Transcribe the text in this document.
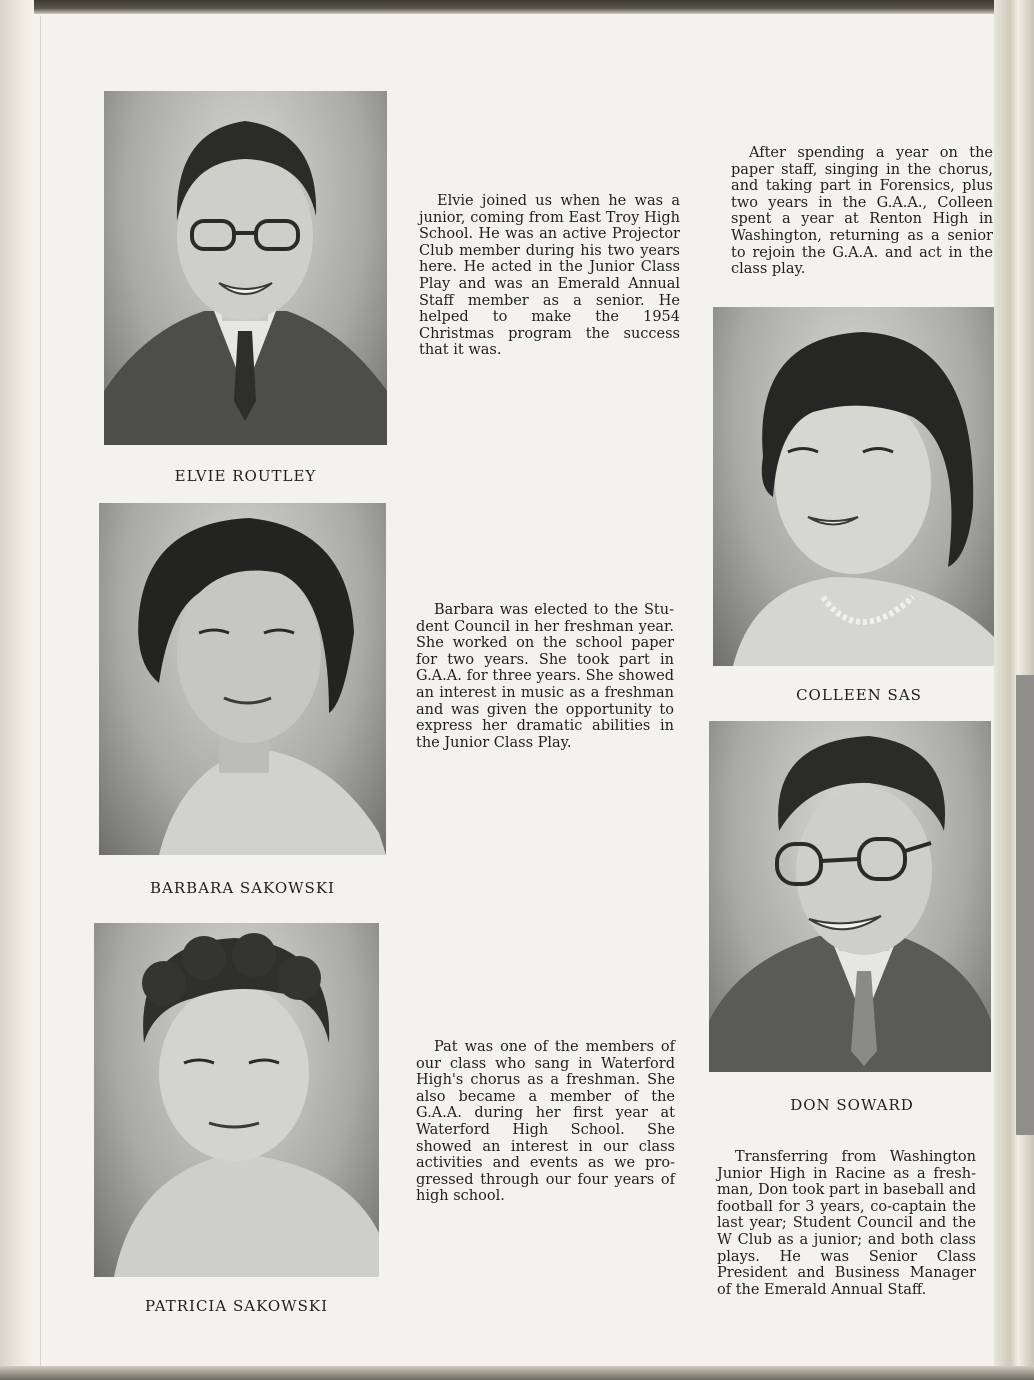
ELVIE ROUTLEY

Elvie joined us when he was a junior, coming from East Troy High School. He was an active Projector Club member during his two years here. He acted in the Junior Class Play and was an Emerald Annual Staff member as a senior. He helped to make the 1954 Christmas program the success that it was.

BARBARA SAKOWSKI

Barbara was elected to the Student Council in her freshman year. She worked on the school paper for two years. She took part in G.A.A. for three years. She showed an interest in music as a freshman and was given the opportunity to express her dramatic abilities in the Junior Class Play.

PATRICIA SAKOWSKI

Pat was one of the members of our class who sang in Waterford High's chorus as a freshman. She also became a member of the G.A.A. during her first year at Waterford High School. She showed an interest in our class activities and events as we progressed through our four years of high school.

After spending a year on the paper staff, singing in the chorus, and taking part in Forensics, plus two years in the G.A.A., Colleen spent a year at Renton High in Washington, returning as a senior to rejoin the G.A.A. and act in the class play.

COLLEEN SAS
DON SOWARD

Transferring from Washington Junior High in Racine as a freshman, Don took part in baseball and football for 3 years, co-captain the last year; Student Council and the W Club as a junior; and both class plays. He was Senior Class President and Business Manager of the Emerald Annual Staff.
